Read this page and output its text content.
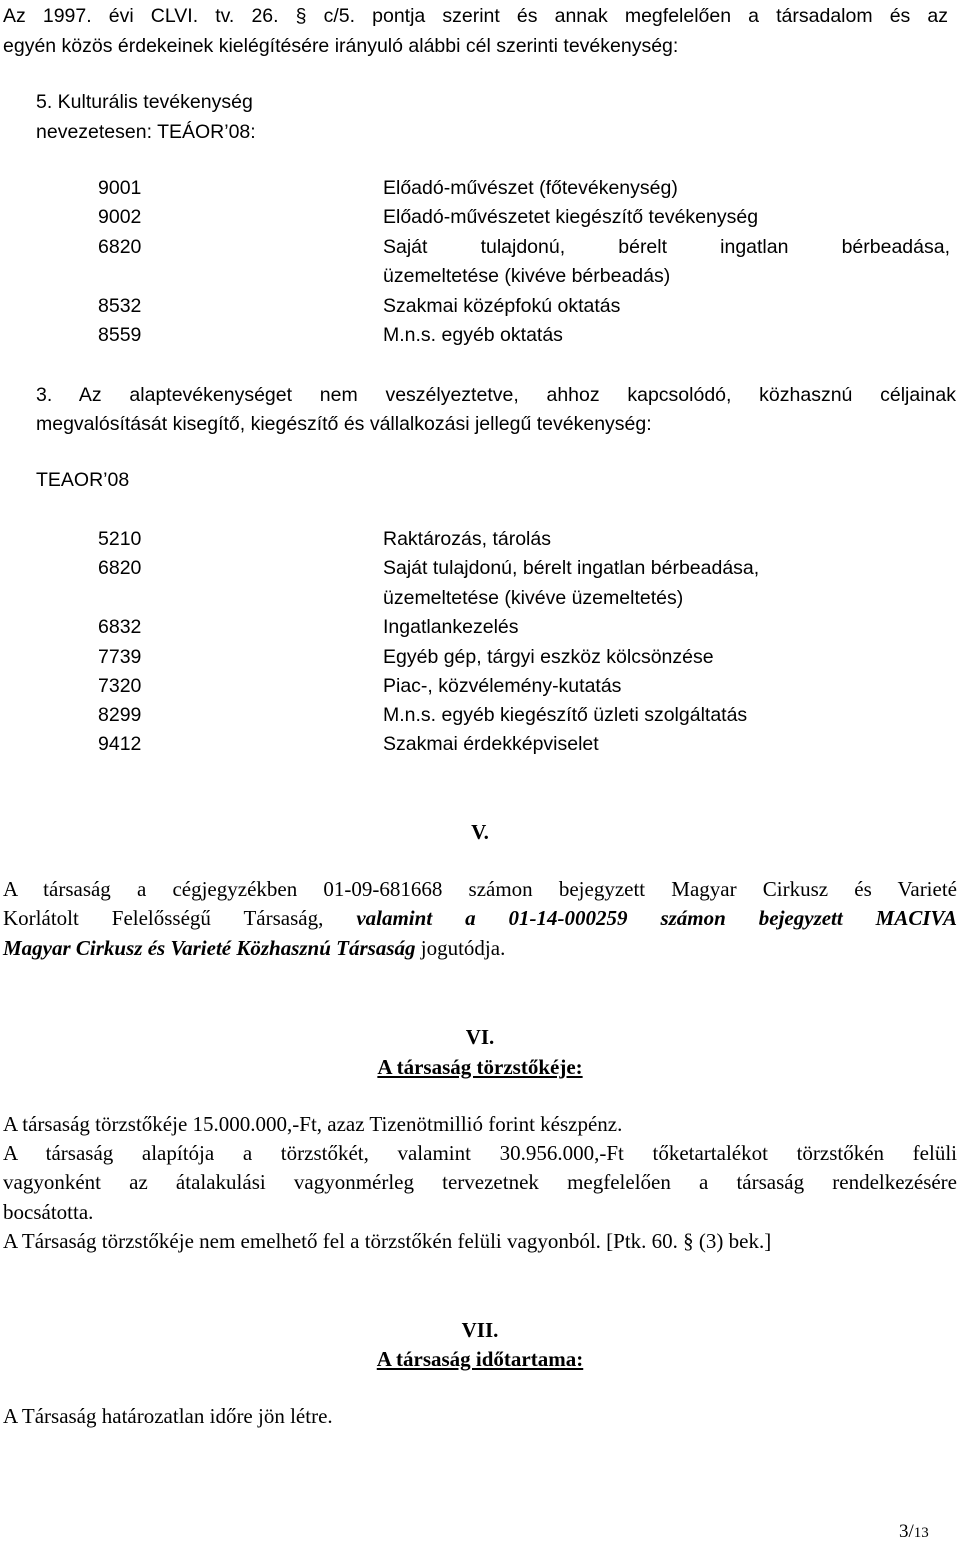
Az 1997. évi CLVI. tv. 26. § c/5. pontja szerint és annak megfelelően a társadalom és az
egyén közös érdekeinek kielégítésére irányuló alábbi cél szerinti tevékenység:
5. Kulturális tevékenység
nevezetesen: TEÁOR’08:
9001	Előadó-művészet (főtevékenység)
9002	Előadó-művészetet kiegészítő tevékenység
6820	Saját tulajdonú, bérelt ingatlan bérbeadása,
üzemeltetése (kivéve bérbeadás)
8532	Szakmai középfokú oktatás
8559	M.n.s. egyéb oktatás
3. Az alaptevékenységet nem veszélyeztetve, ahhoz kapcsolódó, közhasznú céljainak
megvalósítását kisegítő, kiegészítő és vállalkozási jellegű tevékenység:
TEAOR’08
5210	Raktározás, tárolás
6820	Saját tulajdonú, bérelt ingatlan bérbeadása,
üzemeltetése (kivéve üzemeltetés)
6832	Ingatlankezelés
7739	Egyéb gép, tárgyi eszköz kölcsönzése
7320	Piac-, közvélemény-kutatás
8299	M.n.s. egyéb kiegészítő üzleti szolgáltatás
9412	Szakmai érdekképviselet
V.
A társaság a cégjegyzékben 01-09-681668 számon bejegyzett Magyar Cirkusz és Varieté
Korlátolt Felelősségű Társaság, valamint a 01-14-000259 számon bejegyzett MACIVA
Magyar Cirkusz és Varieté Közhasznú Társaság jogutódja.
VI.
A társaság törzstőkéje:
A társaság törzstőkéje 15.000.000,-Ft, azaz Tizenötmillió forint készpénz.
A társaság alapítója a törzstőkét, valamint 30.956.000,-Ft tőketartalékot törzstőkén felüli
vagyonként az átalakulási vagyonmérleg tervezetnek megfelelően a társaság rendelkezésére
bocsátotta.
A Társaság törzstőkéje nem emelhető fel a törzstőkén felüli vagyonból. [Ptk. 60. § (3) bek.]
VII.
A társaság időtartama:
A Társaság határozatlan időre jön létre.
3/13
